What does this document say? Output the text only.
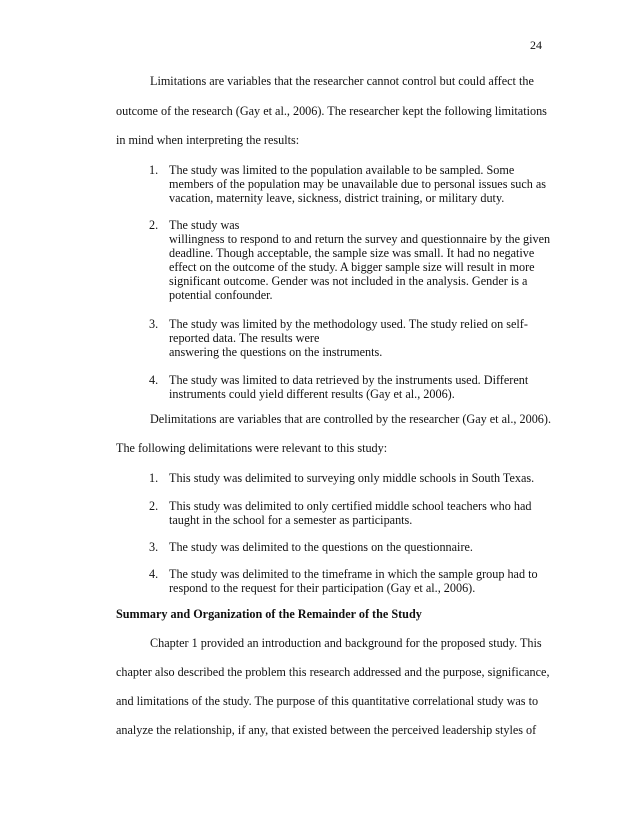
24
Limitations are variables that the researcher cannot control but could affect the
outcome of the research (Gay et al., 2006). The researcher kept the following limitations
in mind when interpreting the results:
1. The study was limited to the population available to be sampled. Some
members of the population may be unavailable due to personal issues such as
vacation, maternity leave, sickness, district training, or military duty.
2. The study was
willingness to respond to and return the survey and questionnaire by the given
deadline. Though acceptable, the sample size was small. It had no negative
effect on the outcome of the study. A bigger sample size will result in more
significant outcome. Gender was not included in the analysis. Gender is a
potential confounder.
3. The study was limited by the methodology used. The study relied on self-
reported data. The results were
answering the questions on the instruments.
4. The study was limited to data retrieved by the instruments used. Different
instruments could yield different results (Gay et al., 2006).
Delimitations are variables that are controlled by the researcher (Gay et al., 2006).
The following delimitations were relevant to this study:
1. This study was delimited to surveying only middle schools in South Texas.
2. This study was delimited to only certified middle school teachers who had
taught in the school for a semester as participants.
3. The study was delimited to the questions on the questionnaire.
4. The study was delimited to the timeframe in which the sample group had to
respond to the request for their participation (Gay et al., 2006).
Summary and Organization of the Remainder of the Study
Chapter 1 provided an introduction and background for the proposed study. This
chapter also described the problem this research addressed and the purpose, significance,
and limitations of the study. The purpose of this quantitative correlational study was to
analyze the relationship, if any, that existed between the perceived leadership styles of
